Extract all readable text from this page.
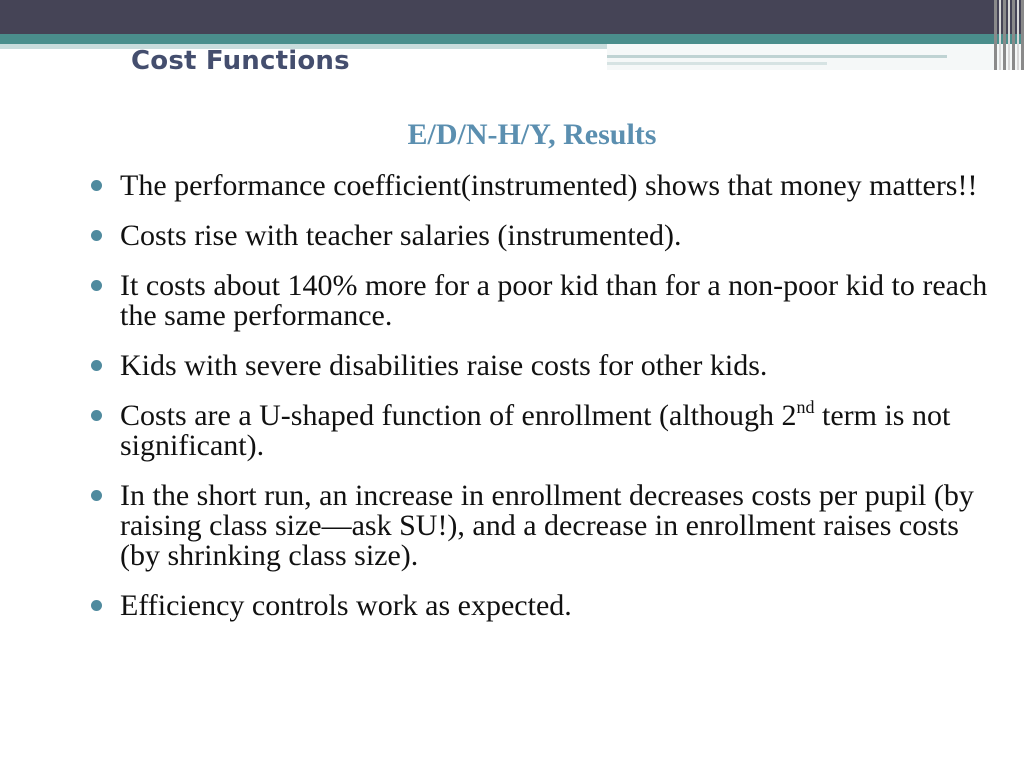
Cost Functions
E/D/N-H/Y, Results
The performance coefficient(instrumented) shows that money matters!!
Costs rise with teacher salaries (instrumented).
It costs about 140% more for a poor kid than for a non-poor kid to reach the same performance.
Kids with severe disabilities raise costs for other kids.
Costs are a U-shaped function of enrollment (although 2nd term is not significant).
In the short run, an increase in enrollment decreases costs per pupil (by raising class size—ask SU!), and a decrease in enrollment raises costs (by shrinking class size).
Efficiency controls work as expected.
